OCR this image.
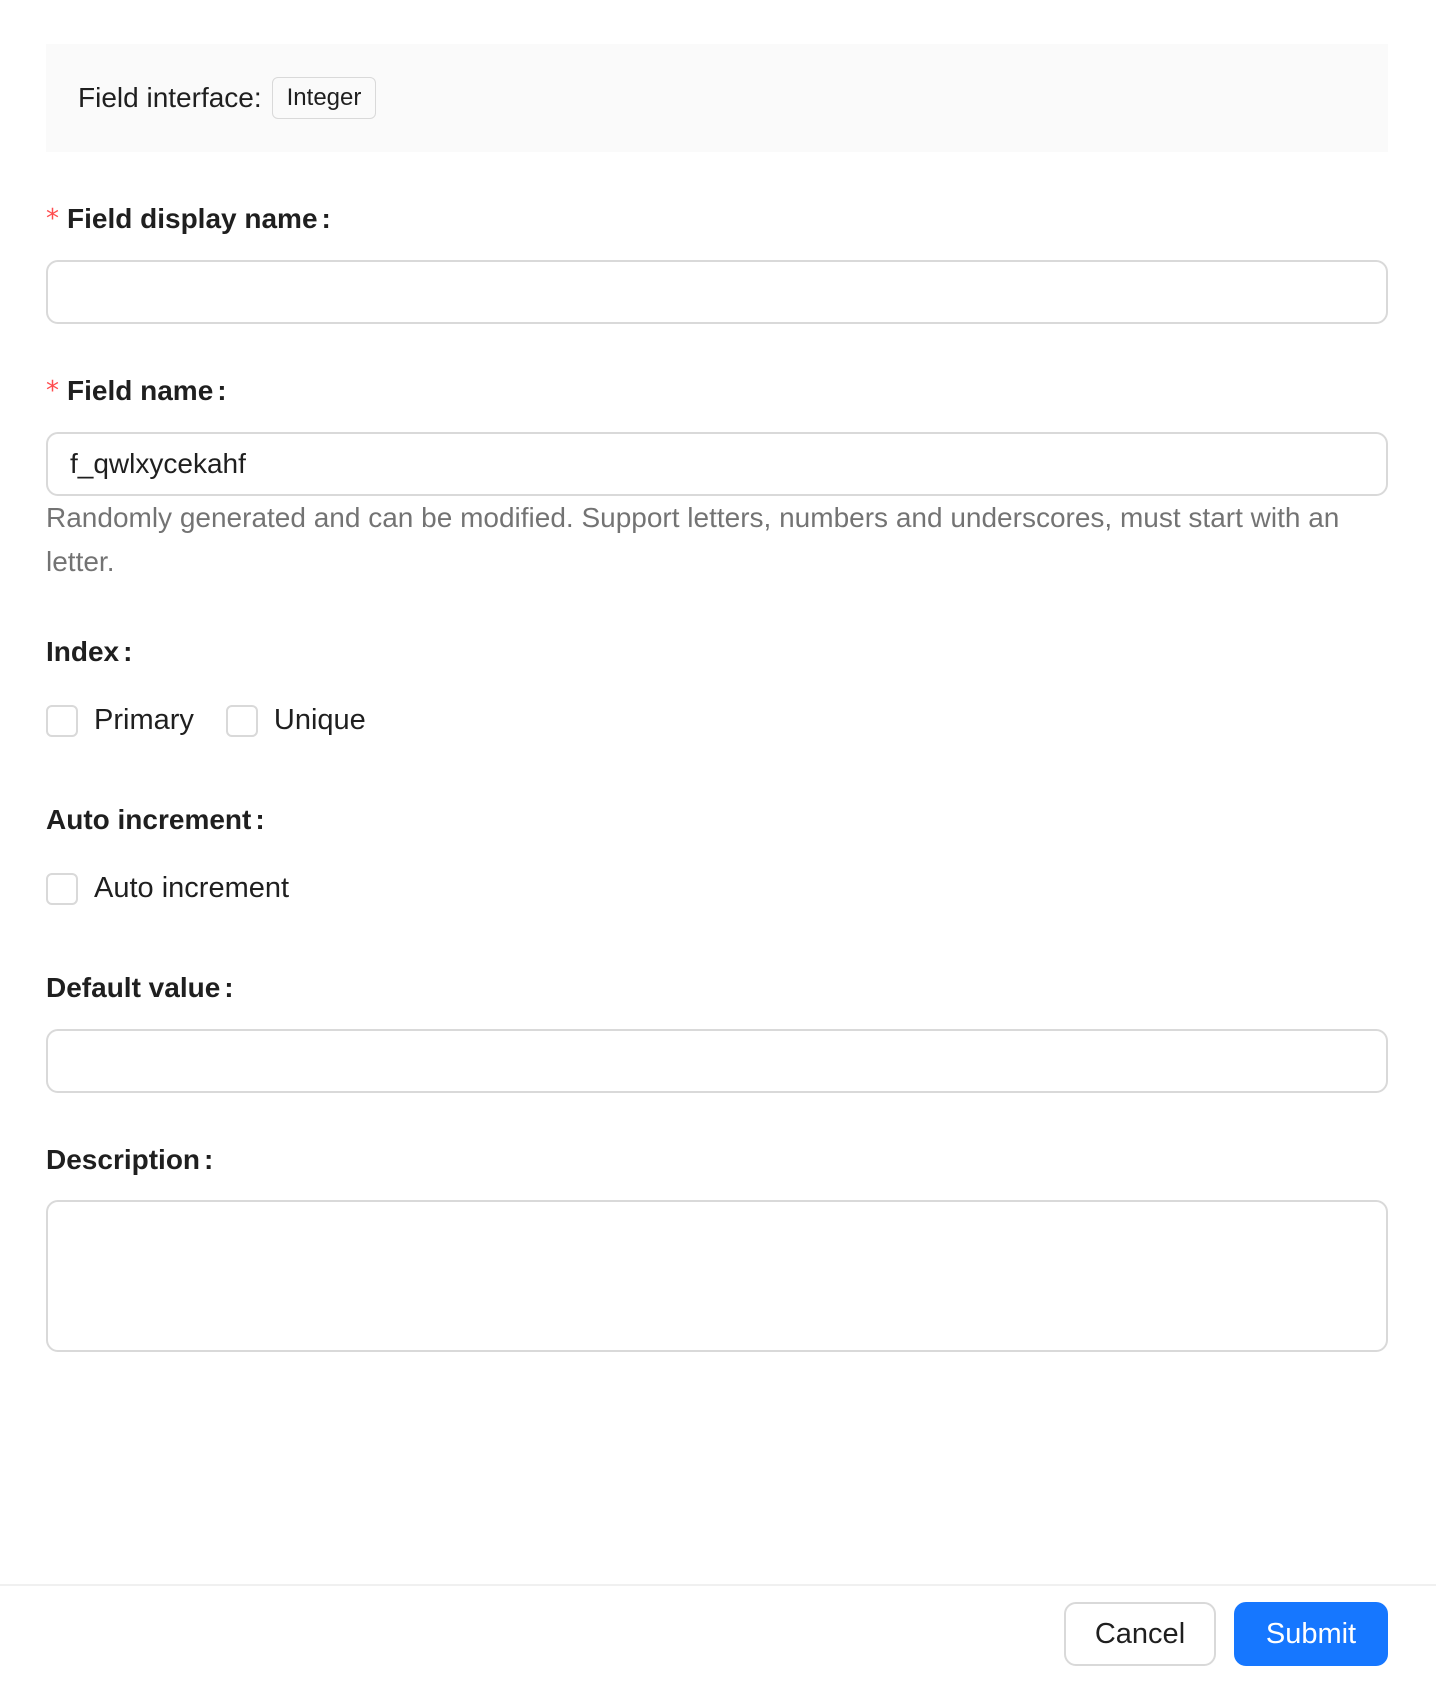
Field interface:	Integer
* Field display name :
* Field name :
f_qwlxycekahf
Randomly generated and can be modified. Support letters, numbers and underscores, must start with an letter.
Index :
Primary	Unique
Auto increment :
Auto increment
Default value :
Description :
Cancel	Submit
